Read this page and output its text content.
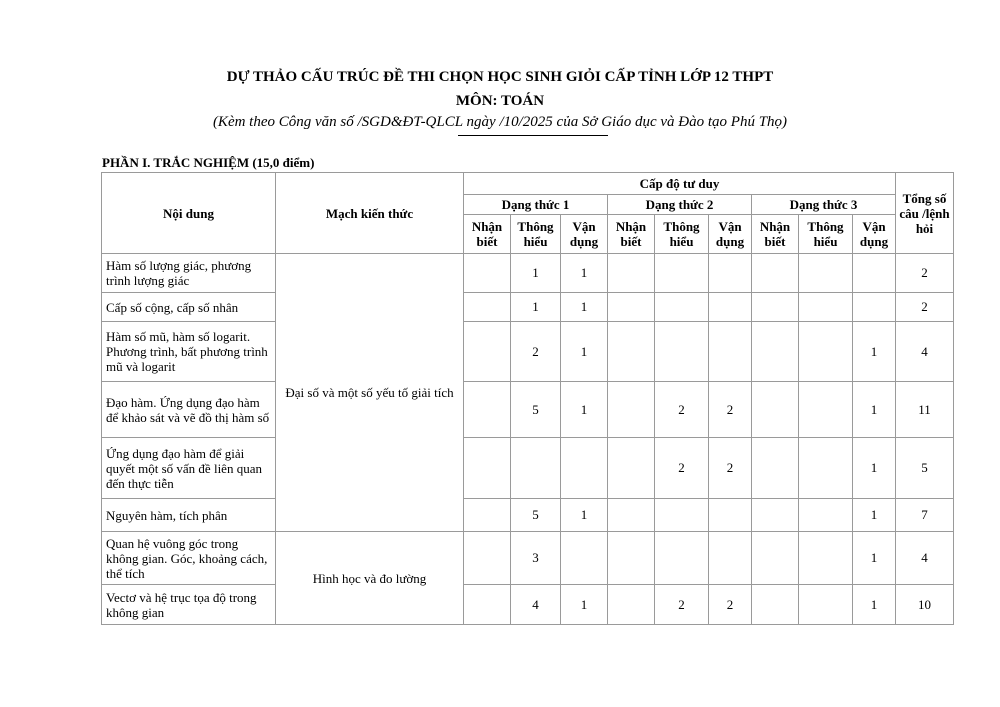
DỰ THẢO CẤU TRÚC ĐỀ THI CHỌN HỌC SINH GIỎI CẤP TỈNH LỚP 12 THPT
MÔN: TOÁN
(Kèm theo Công văn số /SGD&ĐT-QLCL ngày /10/2025 của Sở Giáo dục và Đào tạo Phú Thọ)
PHẦN I. TRẮC NGHIỆM (15,0 điểm)
Nội dung	Mạch kiến thức	Cấp độ tư duy									Tổng số câu /lệnh hỏi
		Dạng thức 1			Dạng thức 2			Dạng thức 3			
		Nhận biết	Thông hiểu	Vận dụng	Nhận biết	Thông hiểu	Vận dụng	Nhận biết	Thông hiểu	Vận dụng	
Hàm số lượng giác, phương trình lượng giác	Đại số và một số yếu tố giải tích		1	1							2
Cấp số cộng, cấp số nhân			1	1							2
Hàm số mũ, hàm số logarit. Phương trình, bất phương trình mũ và logarit			2	1						1	4
Đạo hàm. Ứng dụng đạo hàm để khảo sát và vẽ đồ thị hàm số			5	1		2	2			1	11
Ứng dụng đạo hàm để giải quyết một số vấn đề liên quan đến thực tiễn						2	2			1	5
Nguyên hàm, tích phân			5	1						1	7
Quan hệ vuông góc trong không gian. Góc, khoảng cách, thể tích	Hình học và đo lường		3							1	4
Vectơ và hệ trục tọa độ trong không gian			4	1		2	2			1	10
